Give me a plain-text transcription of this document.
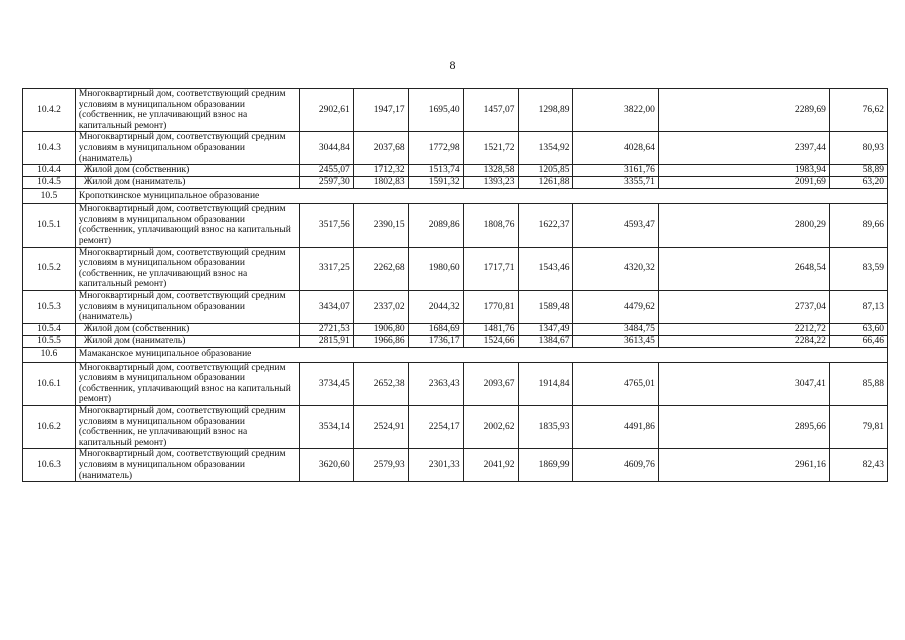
8
10.4.2	Многоквартирный дом, соответствующий средним условиям в муниципальном образовании (собственник, не уплачивающий взнос на капитальный ремонт)	2902,61	1947,17	1695,40	1457,07	1298,89	3822,00	2289,69	76,62
10.4.3	Многоквартирный дом, соответствующий средним условиям в муниципальном образовании (наниматель)	3044,84	2037,68	1772,98	1521,72	1354,92	4028,64	2397,44	80,93
10.4.4	Жилой дом (собственник)	2455,07	1712,32	1513,74	1328,58	1205,85	3161,76	1983,94	58,89
10.4.5	Жилой дом (наниматель)	2597,30	1802,83	1591,32	1393,23	1261,88	3355,71	2091,69	63,20
10.5	Кропоткинское муниципальное образование								
10.5.1	Многоквартирный дом, соответствующий средним условиям в муниципальном образовании (собственник, уплачивающий взнос на капитальный ремонт)	3517,56	2390,15	2089,86	1808,76	1622,37	4593,47	2800,29	89,66
10.5.2	Многоквартирный дом, соответствующий средним условиям в муниципальном образовании (собственник, не уплачивающий взнос на капитальный ремонт)	3317,25	2262,68	1980,60	1717,71	1543,46	4320,32	2648,54	83,59
10.5.3	Многоквартирный дом, соответствующий средним условиям в муниципальном образовании (наниматель)	3434,07	2337,02	2044,32	1770,81	1589,48	4479,62	2737,04	87,13
10.5.4	Жилой дом (собственник)	2721,53	1906,80	1684,69	1481,76	1347,49	3484,75	2212,72	63,60
10.5.5	Жилой дом (наниматель)	2815,91	1966,86	1736,17	1524,66	1384,67	3613,45	2284,22	66,46
10.6	Мамаканское муниципальное образование								
10.6.1	Многоквартирный дом, соответствующий средним условиям в муниципальном образовании (собственник, уплачивающий взнос на капитальный ремонт)	3734,45	2652,38	2363,43	2093,67	1914,84	4765,01	3047,41	85,88
10.6.2	Многоквартирный дом, соответствующий средним условиям в муниципальном образовании (собственник, не уплачивающий взнос на капитальный ремонт)	3534,14	2524,91	2254,17	2002,62	1835,93	4491,86	2895,66	79,81
10.6.3	Многоквартирный дом, соответствующий средним условиям в муниципальном образовании (наниматель)	3620,60	2579,93	2301,33	2041,92	1869,99	4609,76	2961,16	82,43
